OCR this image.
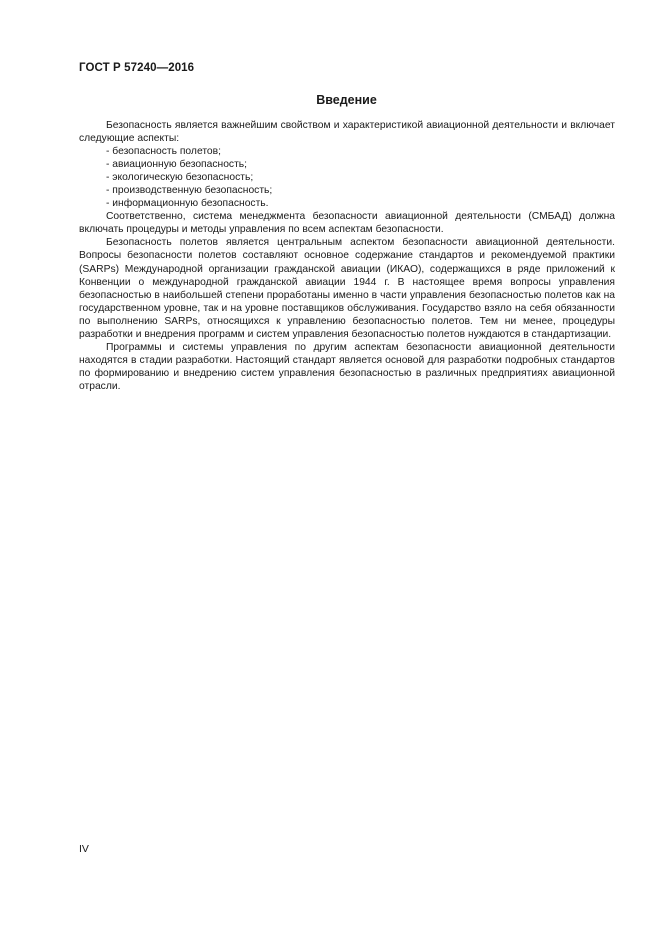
ГОСТ Р 57240—2016
Введение

Безопасность является важнейшим свойством и характеристикой авиационной деятельности и включает следующие аспекты:

- безопасность полетов;

- авиационную безопасность;

- экологическую безопасность;

- производственную безопасность;

- информационную безопасность.

Соответственно, система менеджмента безопасности авиационной деятельности (СМБАД) должна включать процедуры и методы управления по всем аспектам безопасности.

Безопасность полетов является центральным аспектом безопасности авиационной деятельности. Вопросы безопасности полетов составляют основное содержание стандартов и рекомендуемой практики (SARPs) Международной организации гражданской авиации (ИКАО), содержащихся в ряде приложений к Конвенции о международной гражданской авиации 1944 г. В настоящее время вопросы управления безопасностью в наибольшей степени проработаны именно в части управления безопасностью полетов как на государственном уровне, так и на уровне поставщиков обслуживания. Государство взяло на себя обязанности по выполнению SARPs, относящихся к управлению безопасностью полетов. Тем ни менее, процедуры разработки и внедрения программ и систем управления безопасностью полетов нуждаются в стандартизации.

Программы и системы управления по другим аспектам безопасности авиационной деятельности находятся в стадии разработки. Настоящий стандарт является основой для разработки подробных стандартов по формированию и внедрению систем управления безопасностью в различных предприятиях авиационной отрасли.

IV
